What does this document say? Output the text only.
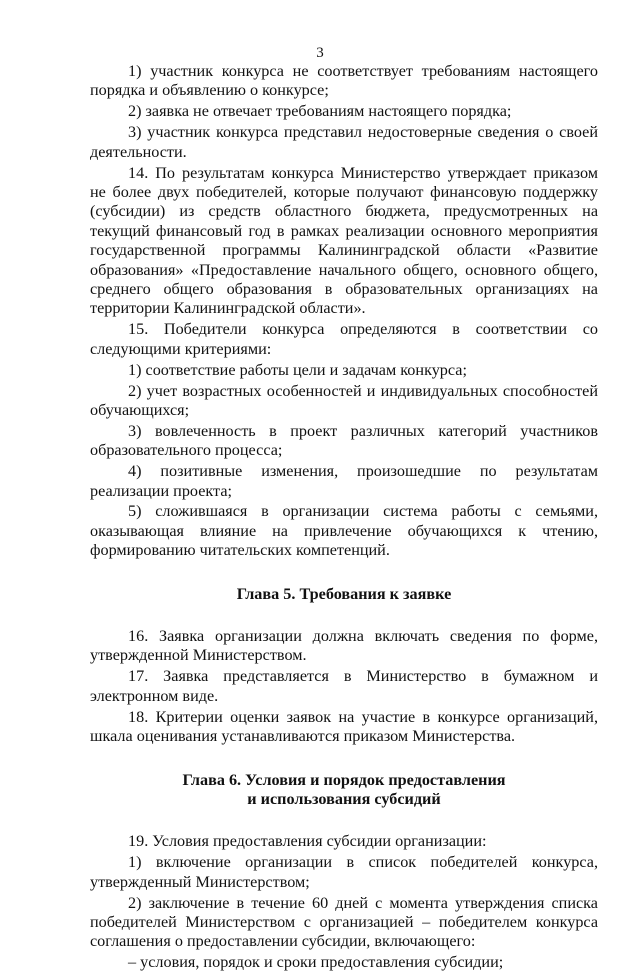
3

1) участник конкурса не соответствует требованиям настоящего порядка и объявлению о конкурсе;

2) заявка не отвечает требованиям настоящего порядка;

3) участник конкурса представил недостоверные сведения о своей деятельности.

14. По результатам конкурса Министерство утверждает приказом не более двух победителей, которые получают финансовую поддержку (субсидии) из средств областного бюджета, предусмотренных на текущий финансовый год в рамках реализации основного мероприятия государственной программы Калининградской области «Развитие образования» «Предоставление начального общего, основного общего, среднего общего образования в образовательных организациях на территории Калининградской области».

15. Победители конкурса определяются в соответствии со следующими критериями:

1) соответствие работы цели и задачам конкурса;

2) учет возрастных особенностей и индивидуальных способностей обучающихся;

3) вовлеченность в проект различных категорий участников образовательного процесса;

4) позитивные изменения, произошедшие по результатам реализации проекта;

5) сложившаяся в организации система работы с семьями, оказывающая влияние на привлечение обучающихся к чтению, формированию читательских компетенций.

Глава 5. Требования к заявке

16. Заявка организации должна включать сведения по форме, утвержденной Министерством.

17. Заявка представляется в Министерство в бумажном и электронном виде.

18. Критерии оценки заявок на участие в конкурсе организаций, шкала оценивания устанавливаются приказом Министерства.

Глава 6. Условия и порядок предоставления
и использования субсидий

19. Условия предоставления субсидии организации:

1) включение организации в список победителей конкурса, утвержденный Министерством;

2) заключение в течение 60 дней с момента утверждения списка победителей Министерством с организацией – победителем конкурса соглашения о предоставлении субсидии, включающего:

– условия, порядок и сроки предоставления субсидии;
